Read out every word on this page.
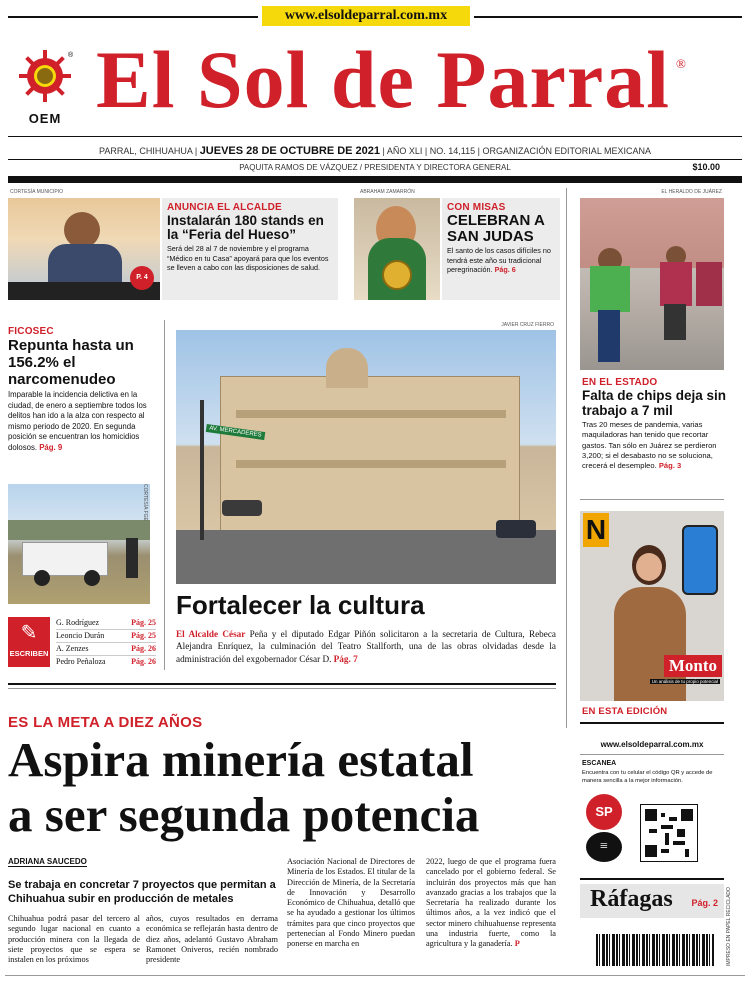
www.elsoldeparral.com.mx
®
OEM El Sol de Parral ®
PARRAL, CHIHUAHUA | JUEVES 28 DE OCTUBRE DE 2021 | AÑO XLI | NO. 14,115 | ORGANIZACIÓN EDITORIAL MEXICANA
PAQUITA RAMOS DE VÁZQUEZ / PRESIDENTA Y DIRECTORA GENERAL	$10.00
CORTESÍA MUNICIPIO
P. 4
ANUNCIA EL ALCALDE
Instalarán 180 stands en la “Feria del Hueso”
Será del 28 al 7 de noviembre y el programa “Médico en tu Casa” apoyará para que los eventos se lleven a cabo con las disposiciones de salud.
ABRAHAM ZAMARRÓN
CON MISAS
CELEBRAN A SAN JUDAS
El santo de los casos difíciles no tendrá este año su tradicional peregrinación. Pág. 6
EL HERALDO DE JUÁREZ
EN EL ESTADO
Falta de chips deja sin trabajo a 7 mil
Tras 20 meses de pandemia, varias maquiladoras han tenido que recortar gastos. Tan sólo en Juárez se perdieron 3,200; si el desabasto no se soluciona, crecerá el desempleo. Pág. 3
N
Monto
Un análisis de tu propio potencial
EN ESTA EDICIÓN
FICOSEC
Repunta hasta un 156.2% el narcomenudeo
Imparable la incidencia delictiva en la ciudad, de enero a septiembre todos los delitos han ido a la alza con respecto al mismo periodo de 2020. En segunda posición se encuentran los homicidios dolosos. Pág. 9
CORTESÍA FGE
✎
ESCRIBEN
G. Rodríguez	Pág. 25
Leoncio Durán	Pág. 25
A. Zenzes	Pág. 26
Pedro Peñaloza	Pág. 26
JAVIER CRUZ FIERRO
AV. MERCADERES
Fortalecer la cultura
El Alcalde César Peña y el diputado Edgar Piñón solicitaron a la secretaria de Cultura, Rebeca Alejandra Enríquez, la culminación del Teatro Stallforth, una de las obras olvidadas desde la administración del exgobernador César D. Pág. 7
ES LA META A DIEZ AÑOS
Aspira minería estatal
a ser segunda potencia
ADRIANA SAUCEDO
Se trabaja en concretar 7 proyectos que permitan a Chihuahua subir en producción de metales
Chihuahua podrá pasar del tercero al segundo lugar nacional en cuanto a producción minera con la llegada de siete proyectos que se espera se instalen en los próximos
años, cuyos resultados en derrama económica se reflejarán hasta dentro de diez años, adelantó Gustavo Abraham Ramonet Oniveros, recién nombrado presidente
Asociación Nacional de Directores de Minería de los Estados. El titular de la Dirección de Minería, de la Secretaría de Innovación y Desarrollo Económico de Chihuahua, detalló que se ha ayudado a gestionar los últimos trámites para que cinco proyectos que pertenecían al Fondo Minero puedan ponerse en marcha en
2022, luego de que el programa fuera cancelado por el gobierno federal. Se incluirán dos proyectos más que han avanzado gracias a los trabajos que la Secretaría ha realizado durante los últimos años, a la vez indicó que el sector minero chihuahuense representa una industria fuerte, como la agricultura y la ganadería. P
www.elsoldeparral.com.mx
ESCANEA
Encuentra con tu celular el código QR y accede de manera sencilla a la mejor información.
SP
≡
Ráfagas Pág. 2 IMPRESO EN PAPEL RECICLADO
